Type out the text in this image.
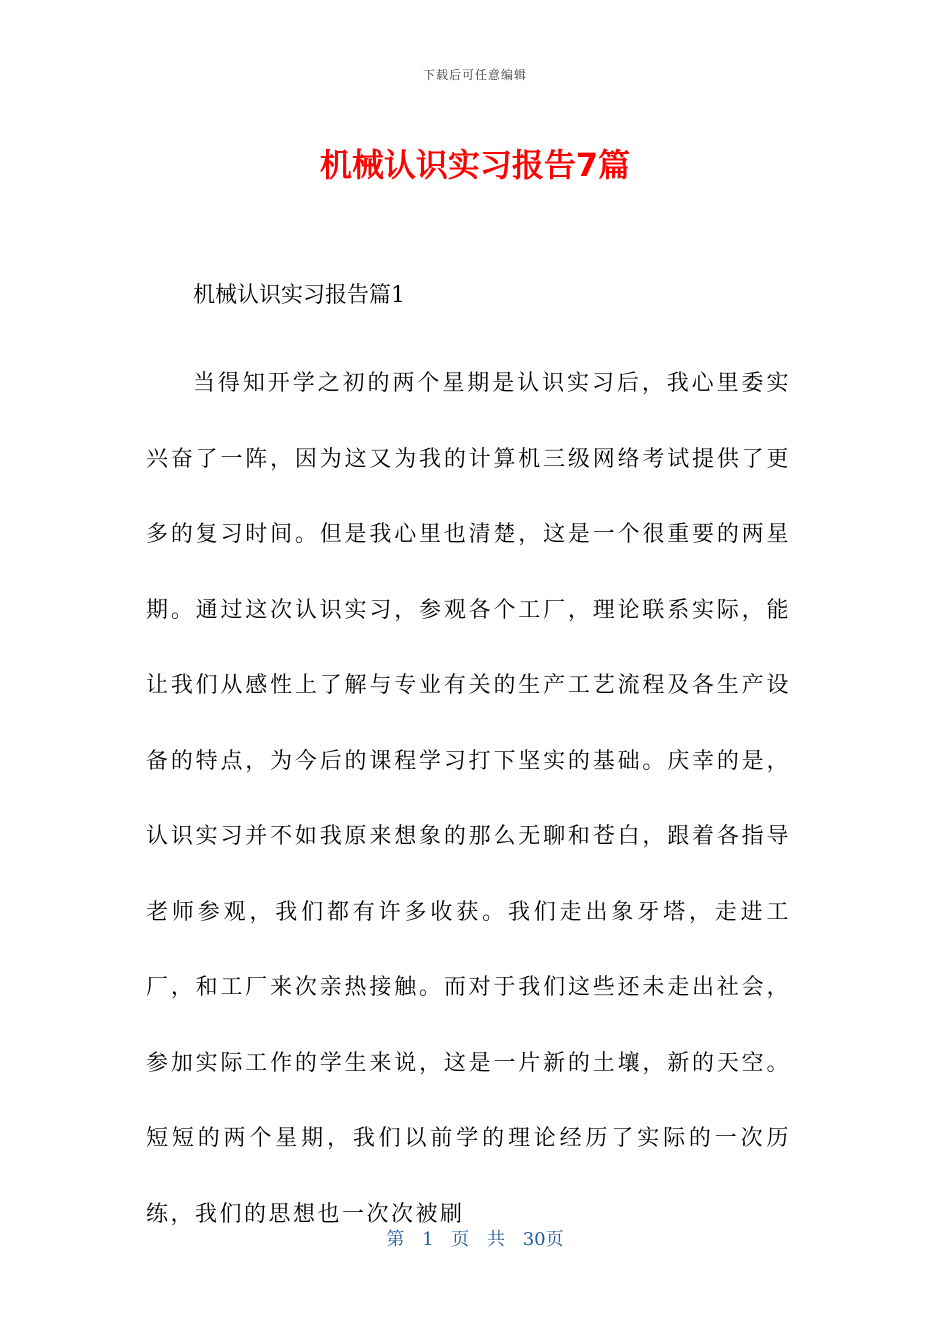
下载后可任意编辑
机械认识实习报告7篇
机械认识实习报告篇1

当得知开学之初的两个星期是认识实习后，我心里委实兴奋了一阵，因为这又为我的计算机三级网络考试提供了更多的复习时间。但是我心里也清楚，这是一个很重要的两星期。通过这次认识实习，参观各个工厂，理论联系实际，能让我们从感性上了解与专业有关的生产工艺流程及各生产设备的特点，为今后的课程学习打下坚实的基础。庆幸的是，认识实习并不如我原来想象的那么无聊和苍白，跟着各指导老师参观，我们都有许多收获。我们走出象牙塔，走进工厂，和工厂来次亲热接触。而对于我们这些还未走出社会，参加实际工作的学生来说，这是一片新的土壤，新的天空。短短的两个星期，我们以前学的理论经历了实际的一次历练，我们的思想也一次次被刷

第 1 页 共 30页
